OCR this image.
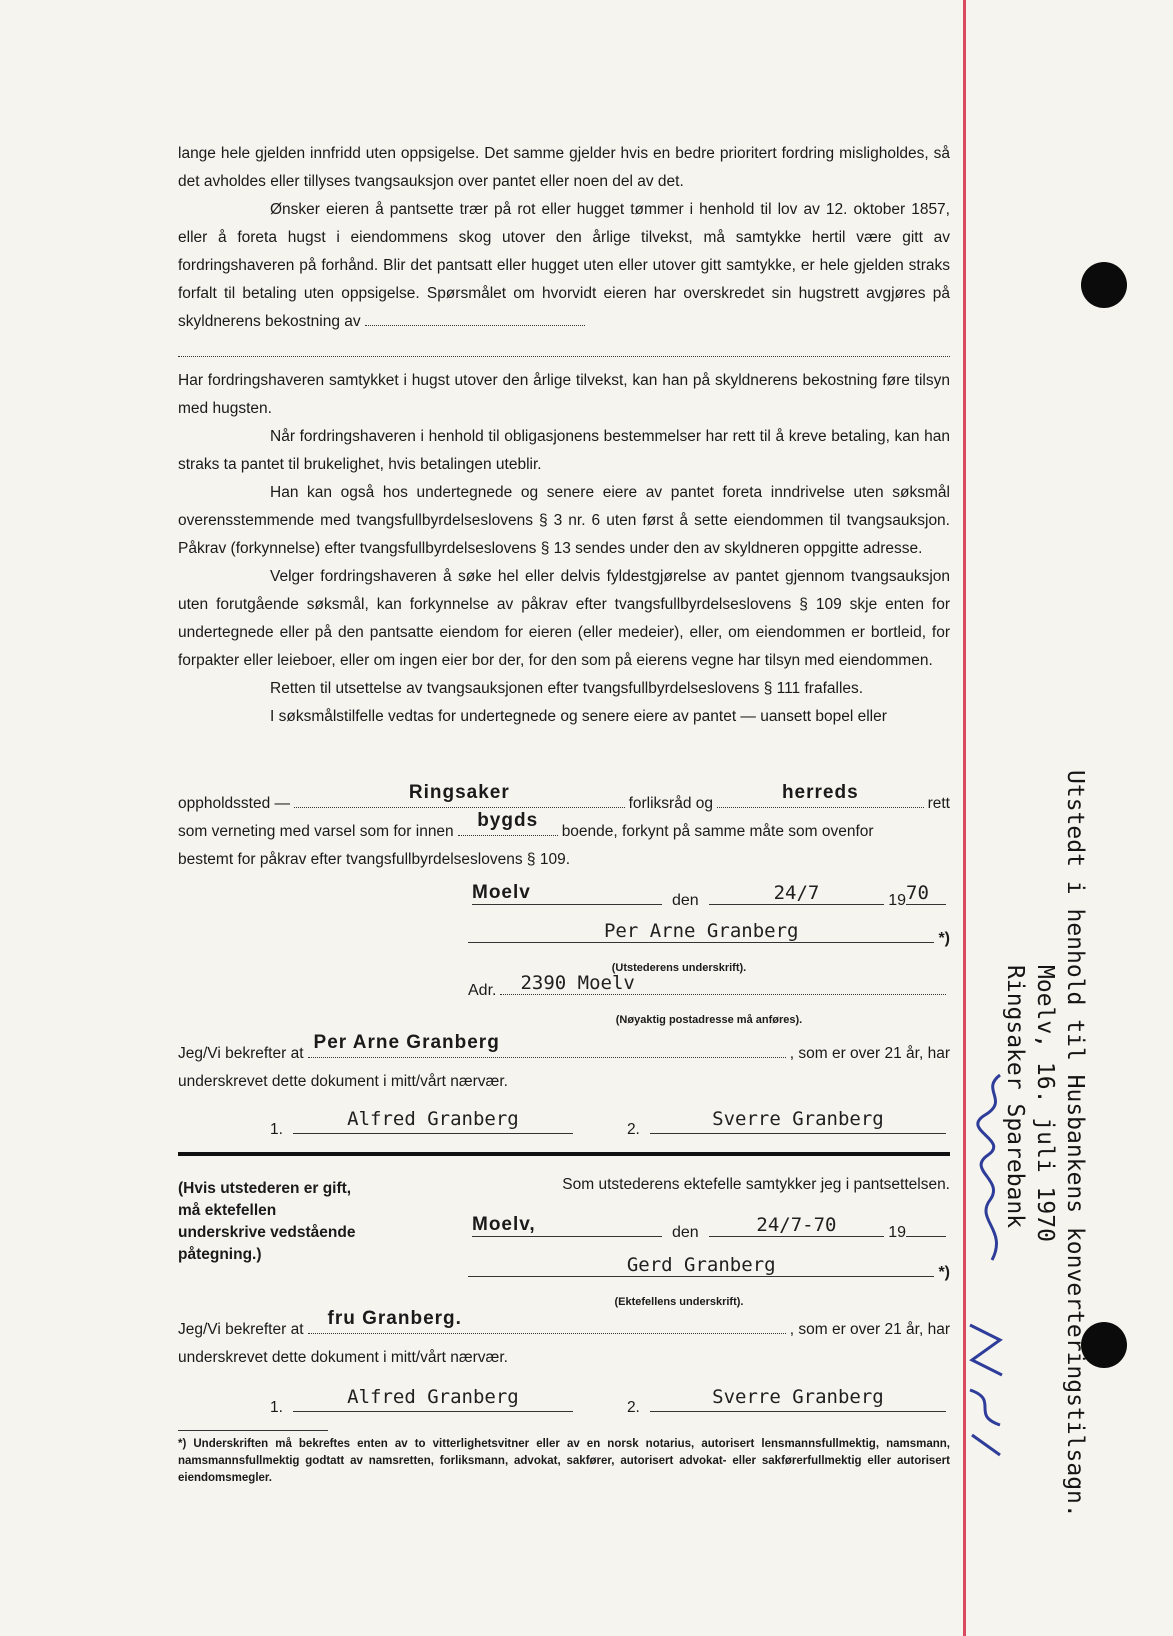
lange hele gjelden innfridd uten oppsigelse. Det samme gjelder hvis en bedre prioritert fordring misligholdes, så det avholdes eller tillyses tvangsauksjon over pantet eller noen del av det.

Ønsker eieren å pantsette trær på rot eller hugget tømmer i henhold til lov av 12. oktober 1857, eller å foreta hugst i eiendommens skog utover den årlige tilvekst, må samtykke hertil være gitt av fordringshaveren på forhånd. Blir det pantsatt eller hugget uten eller utover gitt samtykke, er hele gjelden straks forfalt til betaling uten oppsigelse. Spørsmålet om hvorvidt eieren har overskredet sin hugstrett avgjøres på skyldnerens bekostning av

Har fordringshaveren samtykket i hugst utover den årlige tilvekst, kan han på skyldnerens bekostning føre tilsyn med hugsten.

Når fordringshaveren i henhold til obligasjonens bestemmelser har rett til å kreve betaling, kan han straks ta pantet til brukelighet, hvis betalingen uteblir.

Han kan også hos undertegnede og senere eiere av pantet foreta inndrivelse uten søksmål overensstemmende med tvangsfullbyrdelseslovens § 3 nr. 6 uten først å sette eiendommen til tvangsauksjon. Påkrav (forkynnelse) efter tvangsfullbyrdelseslovens § 13 sendes under den av skyldneren oppgitte adresse.

Velger fordringshaveren å søke hel eller delvis fyldestgjørelse av pantet gjennom tvangsauksjon uten forutgående søksmål, kan forkynnelse av påkrav efter tvangsfullbyrdelseslovens § 109 skje enten for undertegnede eller på den pantsatte eiendom for eieren (eller medeier), eller, om eiendommen er bortleid, for forpakter eller leieboer, eller om ingen eier bor der, for den som på eierens vegne har tilsyn med eiendommen.

Retten til utsettelse av tvangsauksjonen efter tvangsfullbyrdelseslovens § 111 frafalles.

I søksmålstilfelle vedtas for undertegnede og senere eiere av pantet — uansett bopel eller

oppholdssted —
Ringsaker
forliksråd og
herreds
rett
som verneting med varsel som for innen
bygds
boende, forkynt på samme måte som ovenfor
bestemt for påkrav efter tvangsfullbyrdelseslovens § 109.
Moelv	den	24/7	19 70
Per Arne Granberg	*)
(Utstederens underskrift).
Adr.	2390 Moelv
(Nøyaktig postadresse må anføres).
Jeg/Vi bekrefter at
Per Arne Granberg
, som er over 21 år, har
underskrevet dette dokument i mitt/vårt nærvær.
1.	Alfred Granberg	2.	Sverre Granberg
(Hvis utstederen er gift, må ektefellen underskrive vedstående påtegning.)
Som utstederens ektefelle samtykker jeg i pantsettelsen.
Moelv,	den	24/7-70	19
Gerd Granberg	*)
(Ektefellens underskrift).
Jeg/Vi bekrefter at
fru Granberg.
, som er over 21 år, har
underskrevet dette dokument i mitt/vårt nærvær.
1.	Alfred Granberg	2.	Sverre Granberg
*) Underskriften må bekreftes enten av to vitterlighetsvitner eller av en norsk notarius, autorisert lensmannsfullmektig, namsmann, namsmannsfullmektig godtatt av namsretten, forliksmann, advokat, sakfører, autorisert advokat- eller sakførerfullmektig eller autorisert eiendomsmegler.	Utstedt i henhold til Husbankens konverteringstilsagn.
Moelv, 16. juli 1970
Ringsaker Sparebank
